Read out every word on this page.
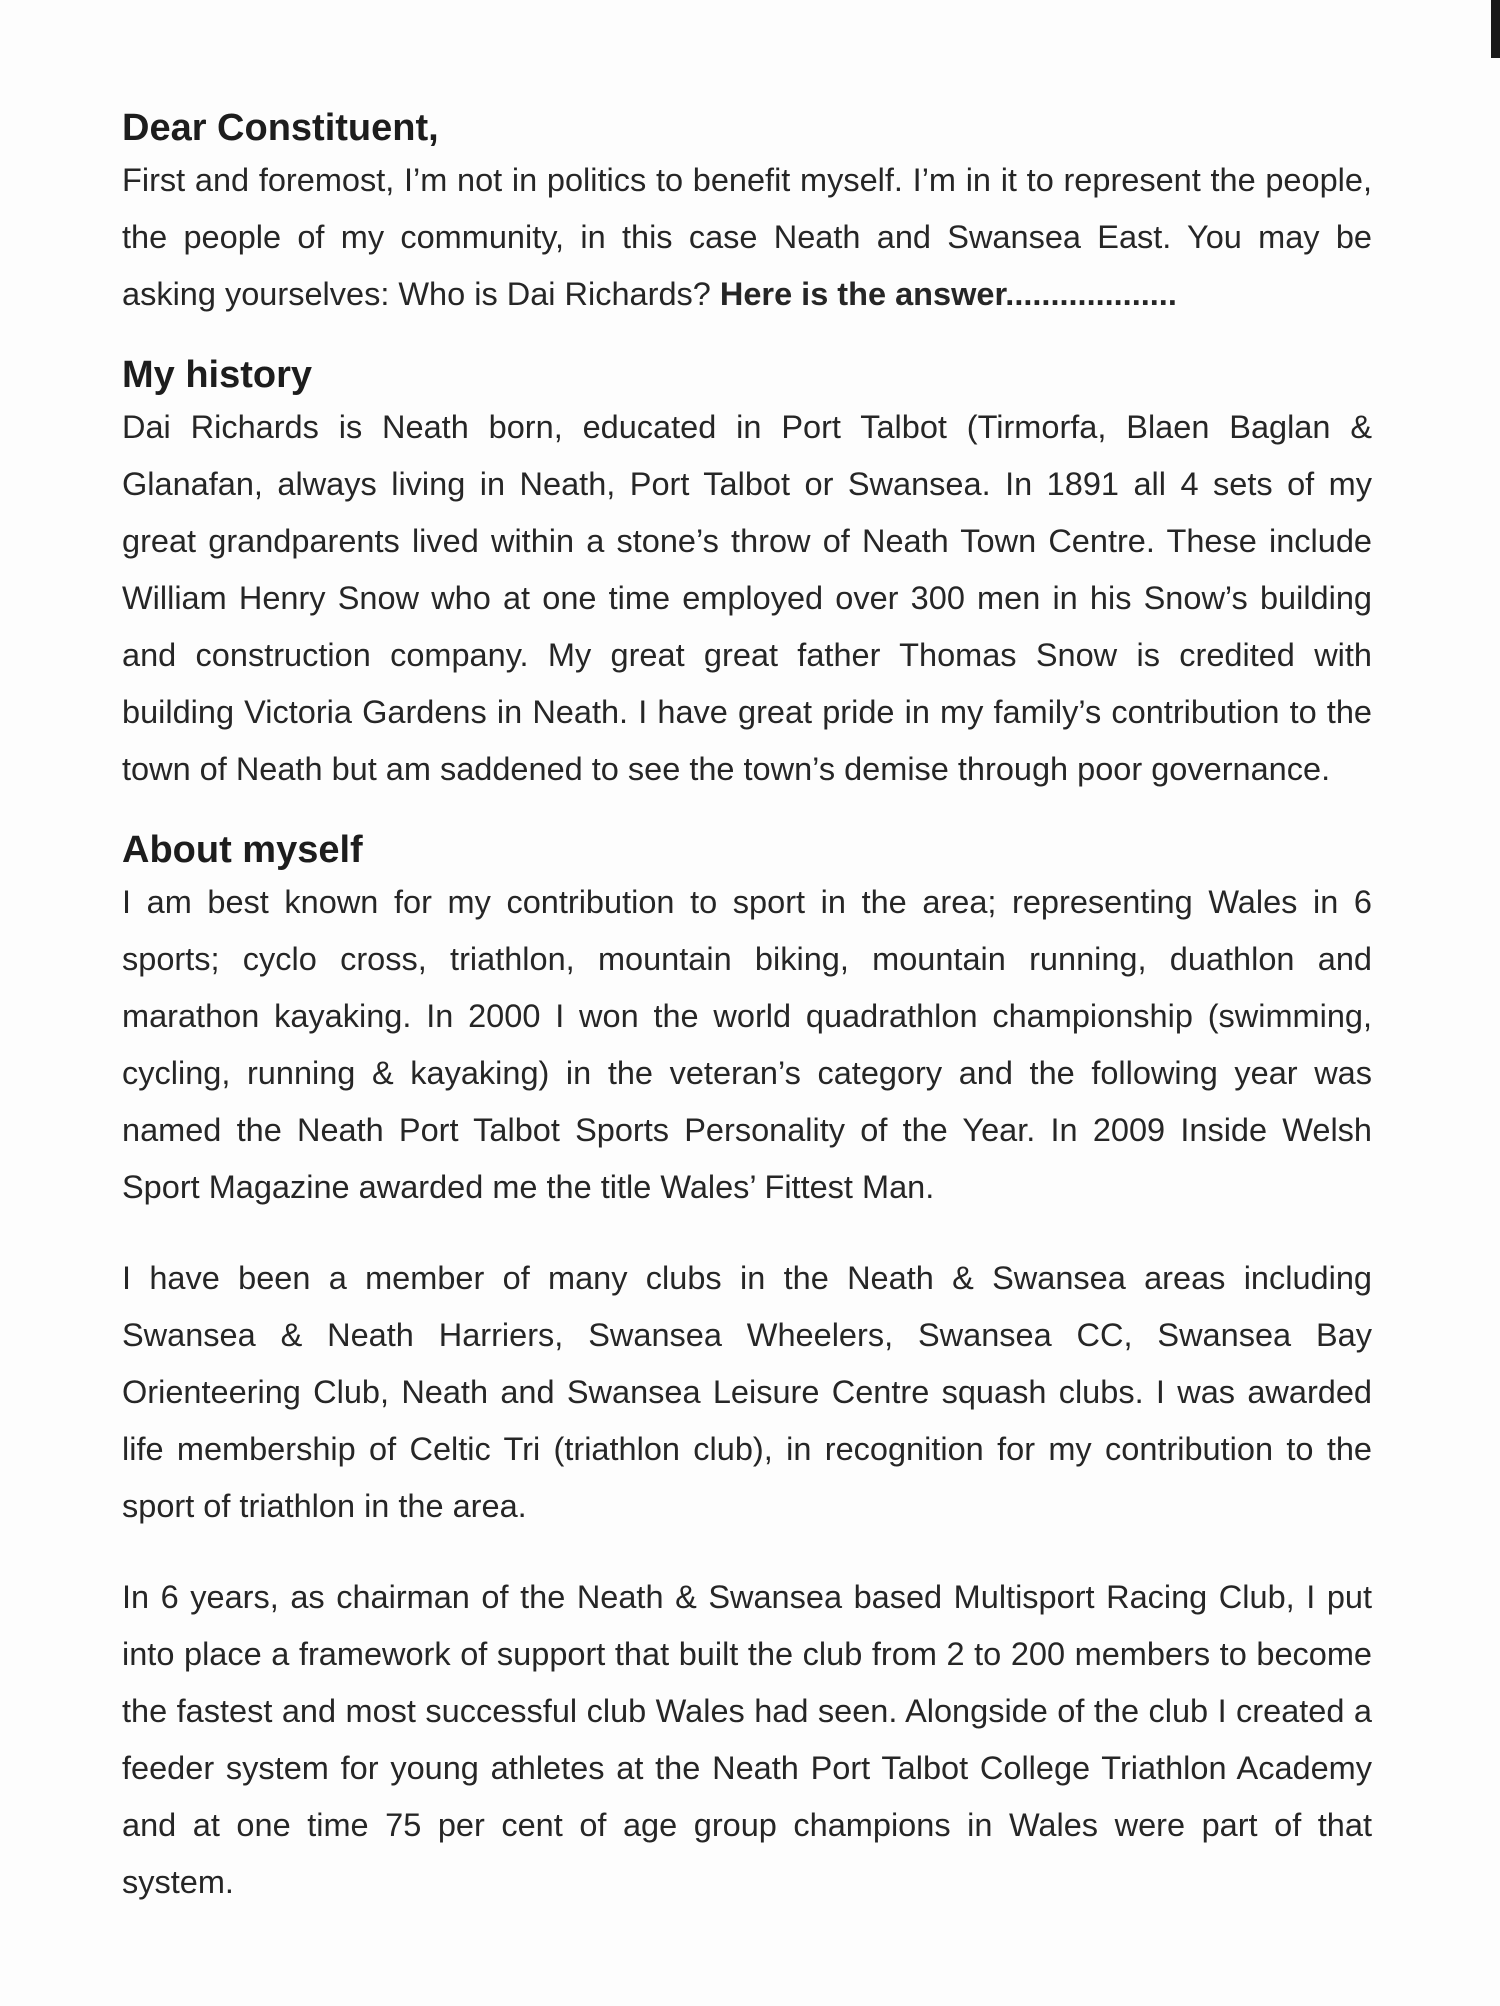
Dear Constituent,

First and foremost, I’m not in politics to benefit myself. I’m in it to represent the people, the people of my community, in this case Neath and Swansea East. You may be asking yourselves: Who is Dai Richards? Here is the answer...................

My history

Dai Richards is Neath born, educated in Port Talbot (Tirmorfa, Blaen Baglan & Glanafan, always living in Neath, Port Talbot or Swansea. In 1891 all 4 sets of my great grandparents lived within a stone’s throw of Neath Town Centre. These include William Henry Snow who at one time employed over 300 men in his Snow’s building and construction company. My great great father Thomas Snow is credited with building Victoria Gardens in Neath. I have great pride in my family’s contribution to the town of Neath but am saddened to see the town’s demise through poor governance.

About myself

I am best known for my contribution to sport in the area; representing Wales in 6 sports; cyclo cross, triathlon, mountain biking, mountain running, duathlon and marathon kayaking. In 2000 I won the world quadrathlon championship (swimming, cycling, running & kayaking) in the veteran’s category and the following year was named the Neath Port Talbot Sports Personality of the Year. In 2009 Inside Welsh Sport Magazine awarded me the title Wales’ Fittest Man.

I have been a member of many clubs in the Neath & Swansea areas including Swansea & Neath Harriers, Swansea Wheelers, Swansea CC, Swansea Bay Orienteering Club, Neath and Swansea Leisure Centre squash clubs. I was awarded life membership of Celtic Tri (triathlon club), in recognition for my contribution to the sport of triathlon in the area.

In 6 years, as chairman of the Neath & Swansea based Multisport Racing Club, I put into place a framework of support that built the club from 2 to 200 members to become the fastest and most successful club Wales had seen. Alongside of the club I created a feeder system for young athletes at the Neath Port Talbot College Triathlon Academy and at one time 75 per cent of age group champions in Wales were part of that system.
